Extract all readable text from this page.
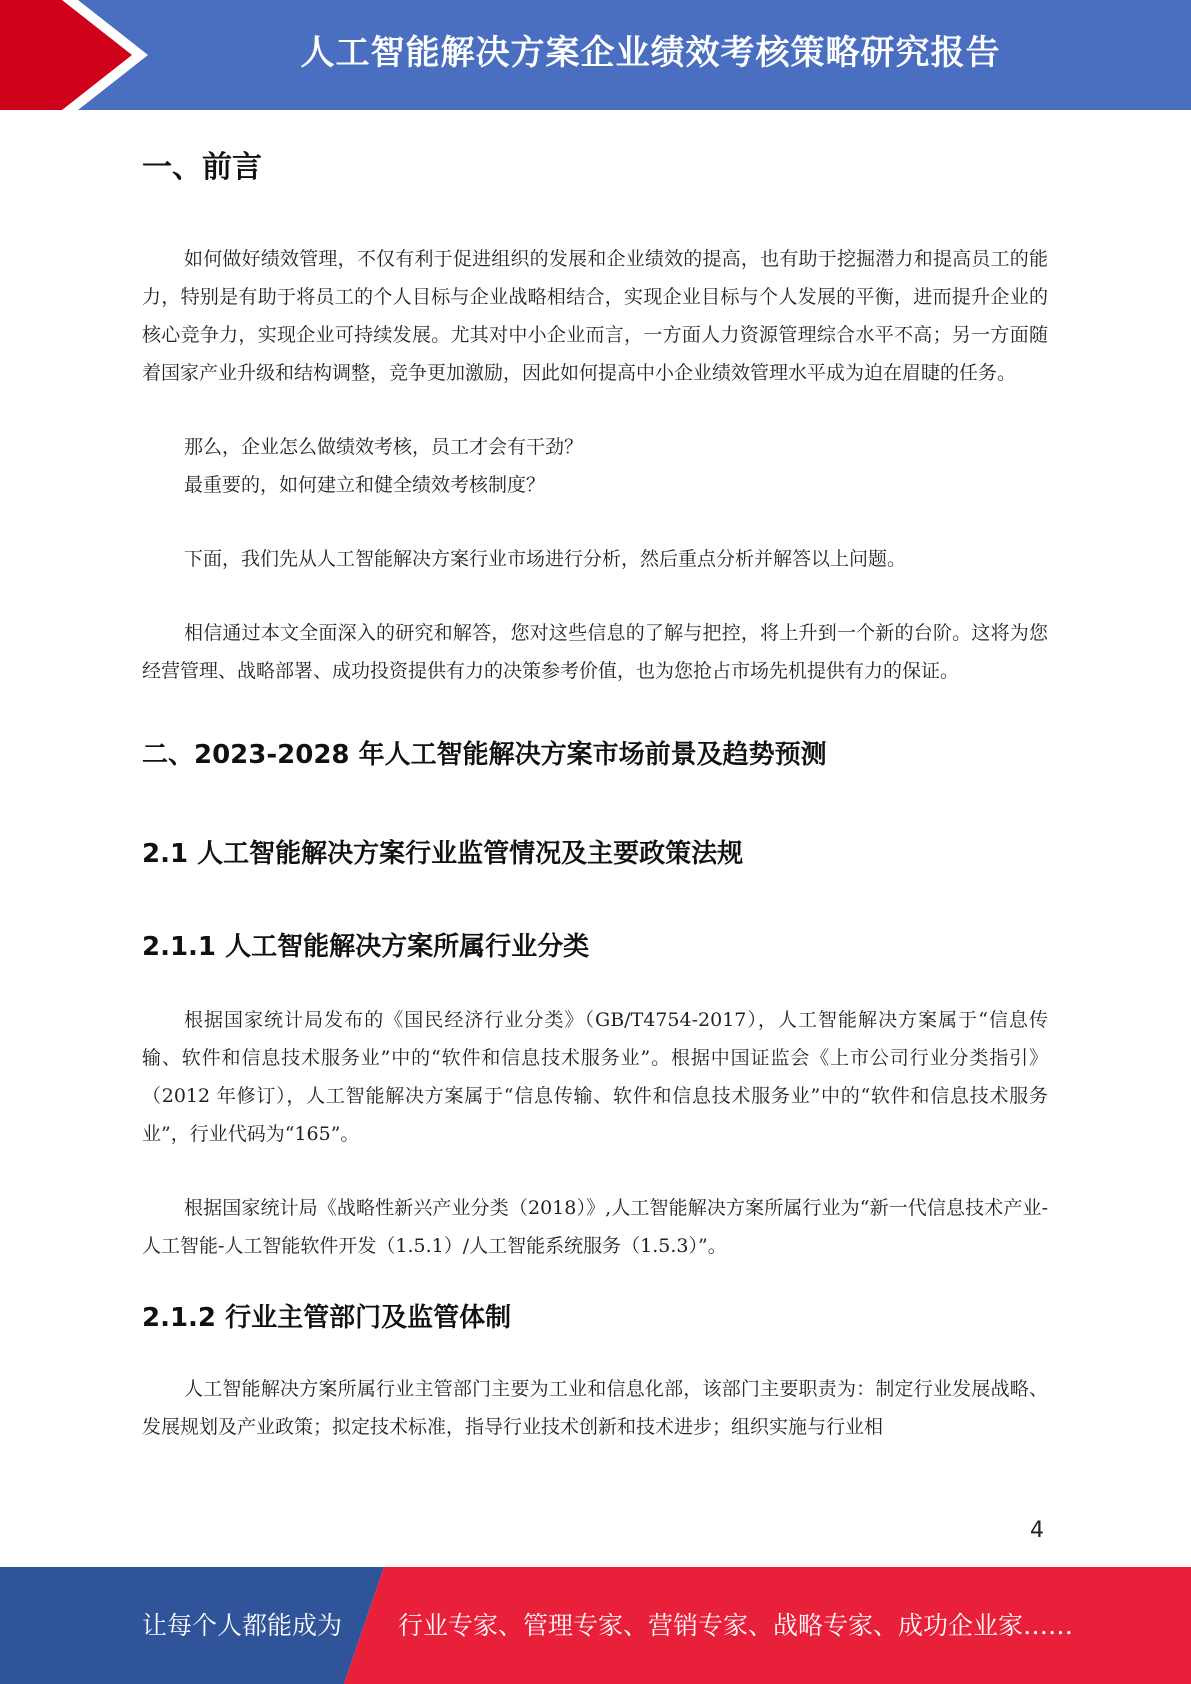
人工智能解决方案企业绩效考核策略研究报告
一、前言

如何做好绩效管理，不仅有利于促进组织的发展和企业绩效的提高，也有助于挖掘潜力和提高员工的能力，特别是有助于将员工的个人目标与企业战略相结合，实现企业目标与个人发展的平衡，进而提升企业的核心竞争力，实现企业可持续发展。尤其对中小企业而言，一方面人力资源管理综合水平不高；另一方面随着国家产业升级和结构调整，竞争更加激励，因此如何提高中小企业绩效管理水平成为迫在眉睫的任务。

那么，企业怎么做绩效考核，员工才会有干劲？

最重要的，如何建立和健全绩效考核制度？

下面，我们先从人工智能解决方案行业市场进行分析，然后重点分析并解答以上问题。

相信通过本文全面深入的研究和解答，您对这些信息的了解与把控，将上升到一个新的台阶。这将为您经营管理、战略部署、成功投资提供有力的决策参考价值，也为您抢占市场先机提供有力的保证。

二、2023-2028 年人工智能解决方案市场前景及趋势预测
2.1 人工智能解决方案行业监管情况及主要政策法规
2.1.1 人工智能解决方案所属行业分类

根据国家统计局发布的《国民经济行业分类》（GB/T4754-2017），人工智能解决方案属于“信息传输、软件和信息技术服务业”中的“软件和信息技术服务业”。根据中国证监会《上市公司行业分类指引》（2012 年修订），人工智能解决方案属于“信息传输、软件和信息技术服务业”中的“软件和信息技术服务业”，行业代码为“165”。

根据国家统计局《战略性新兴产业分类（2018）》,人工智能解决方案所属行业为“新一代信息技术产业-人工智能-人工智能软件开发（1.5.1）/人工智能系统服务（1.5.3）”。

2.1.2 行业主管部门及监管体制

人工智能解决方案所属行业主管部门主要为工业和信息化部，该部门主要职责为：制定行业发展战略、发展规划及产业政策；拟定技术标准，指导行业技术创新和技术进步；组织实施与行业相

4
让每个人都能成为 行业专家、管理专家、营销专家、战略专家、成功企业家……
